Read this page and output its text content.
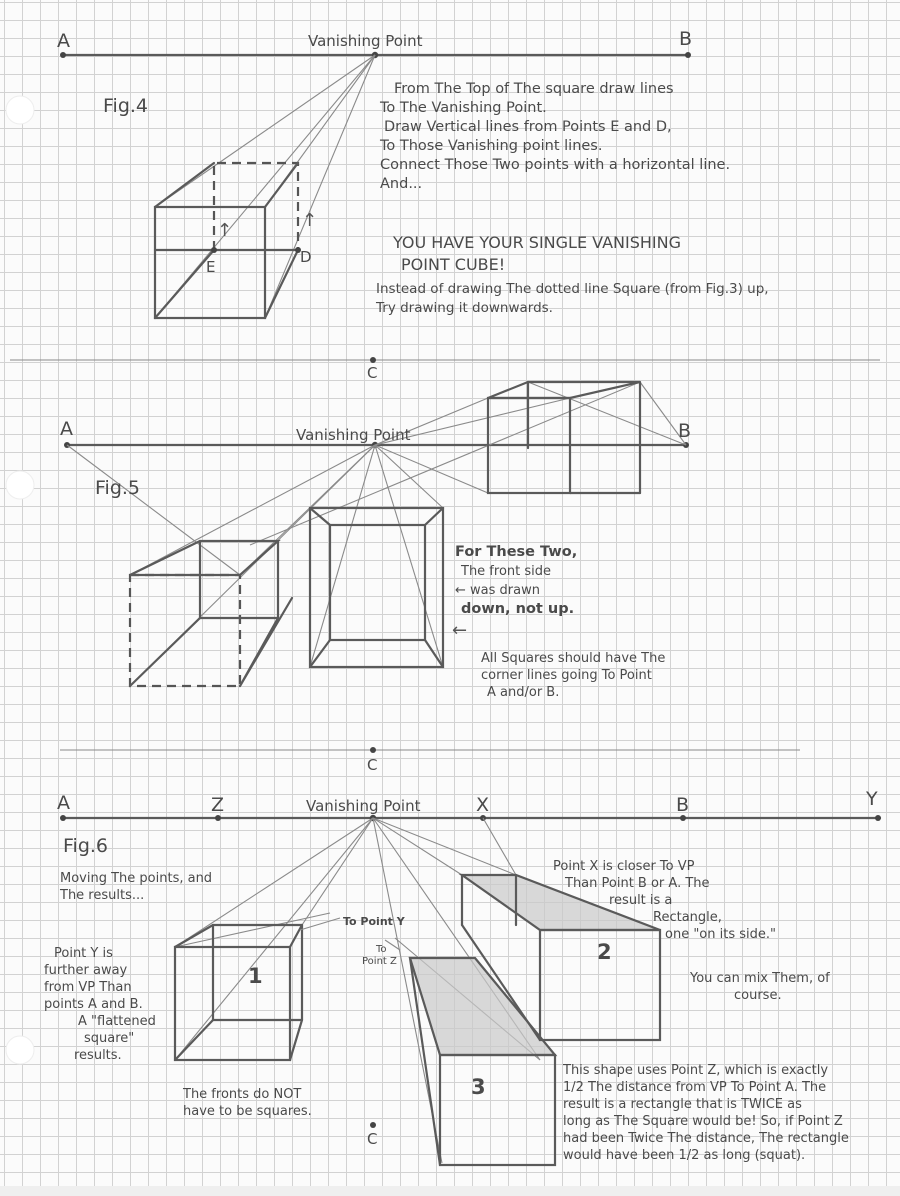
A	Vanishing Point	B
Fig.4
E
D
↑	↑
C
From The Top of The square draw lines
To The Vanishing Point.
Draw Vertical lines from Points E and D,
To Those Vanishing point lines.
Connect Those Two points with a horizontal line.
And...
YOU HAVE YOUR SINGLE VANISHING
POINT CUBE!
Instead of drawing The dotted line Square (from Fig.3) up,
Try drawing it downwards.
A	Vanishing Point	B
Fig.5
C
For These Two,
The front side
← was drawn
down, not up.
←
All Squares should have The
corner lines going To Point
A and/or B.
A	Z	Vanishing Point	X	B	Y
Fig.6
Moving The points, and
The results...
Point Y is
further away
from VP Than
points A and B.
A "flattened
square"
results.
The fronts do NOT
have to be squares.
To Point Y
To
Point Z
1
2
3
Point X is closer To VP
Than Point B or A. The
result is a
Rectangle,
one "on its side."
You can mix Them, of
course.
This shape uses Point Z, which is exactly
1/2 The distance from VP To Point A. The
result is a rectangle that is TWICE as
long as The Square would be! So, if Point Z
had been Twice The distance, The rectangle
would have been 1/2 as long (squat).
C
